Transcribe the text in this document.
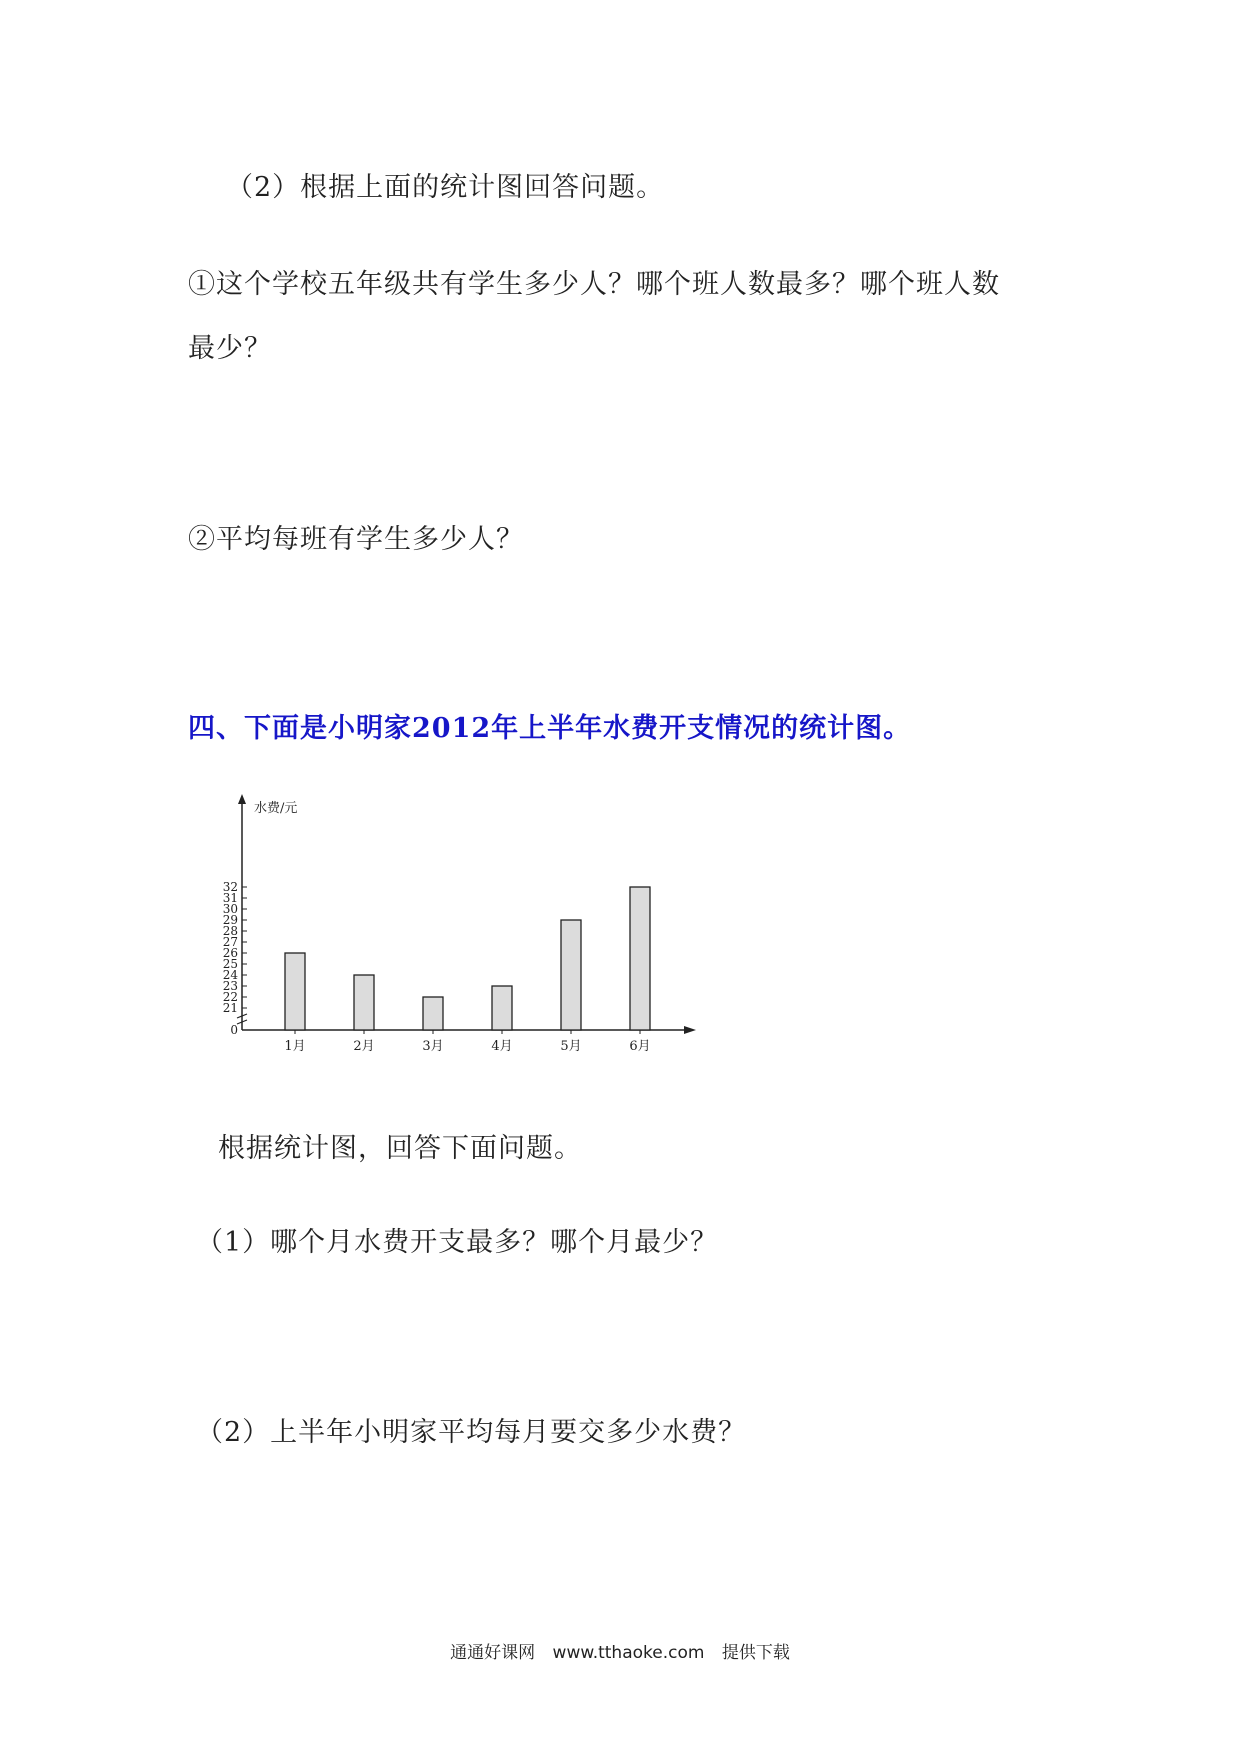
（2）根据上面的统计图回答问题。
①这个学校五年级共有学生多少人？哪个班人数最多？哪个班人数
最少？
②平均每班有学生多少人？
四、下面是小明家2012年上半年水费开支情况的统计图。
0
21
22
23
24
25
26
27
28
29
30
31
32
1月	2月	3月	4月	5月	6月
水费/元
根据统计图，回答下面问题。
（1）哪个月水费开支最多？哪个月最少？
（2）上半年小明家平均每月要交多少水费？
通通好课网 www.tthaoke.com 提供下载
